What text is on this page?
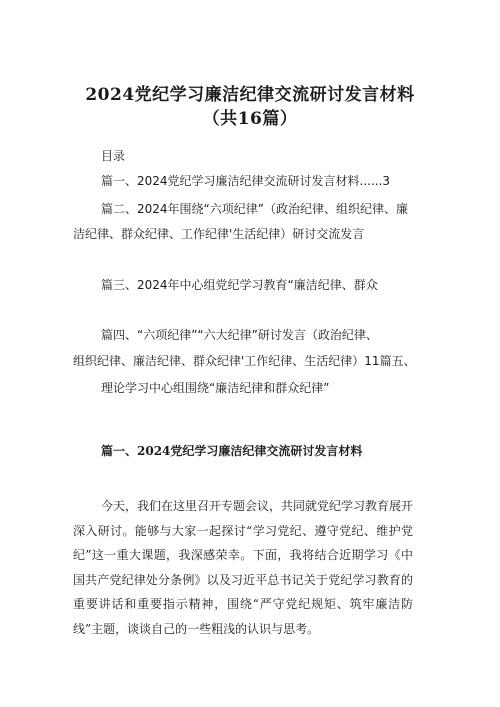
2024党纪学习廉洁纪律交流研讨发言材料
（共16篇）
目录
篇一、2024党纪学习廉洁纪律交流研讨发言材料......3
篇二、2024年围绕“六项纪律”（政治纪律、组织纪律、廉
洁纪律、群众纪律、工作纪律'生活纪律）研讨交流发言
篇三、2024年中心组党纪学习教育“廉洁纪律、群众
篇四、“六项纪律”“六大纪律”研讨发言（政治纪律、
组织纪律、廉洁纪律、群众纪律'工作纪律、生活纪律）11篇五、
理论学习中心组围绕“廉洁纪律和群众纪律”
篇一、2024党纪学习廉洁纪律交流研讨发言材料
今天，我们在这里召开专题会议，共同就党纪学习教育展开深入研讨。能够与大家一起探讨“学习党纪、遵守党纪、维护党纪”这一重大课题，我深感荣幸。下面，我将结合近期学习《中国共产党纪律处分条例》以及习近平总书记关于党纪学习教育的重要讲话和重要指示精神，围绕“严守党纪规矩、筑牢廉洁防线”主题，谈谈自己的一些粗浅的认识与思考。
